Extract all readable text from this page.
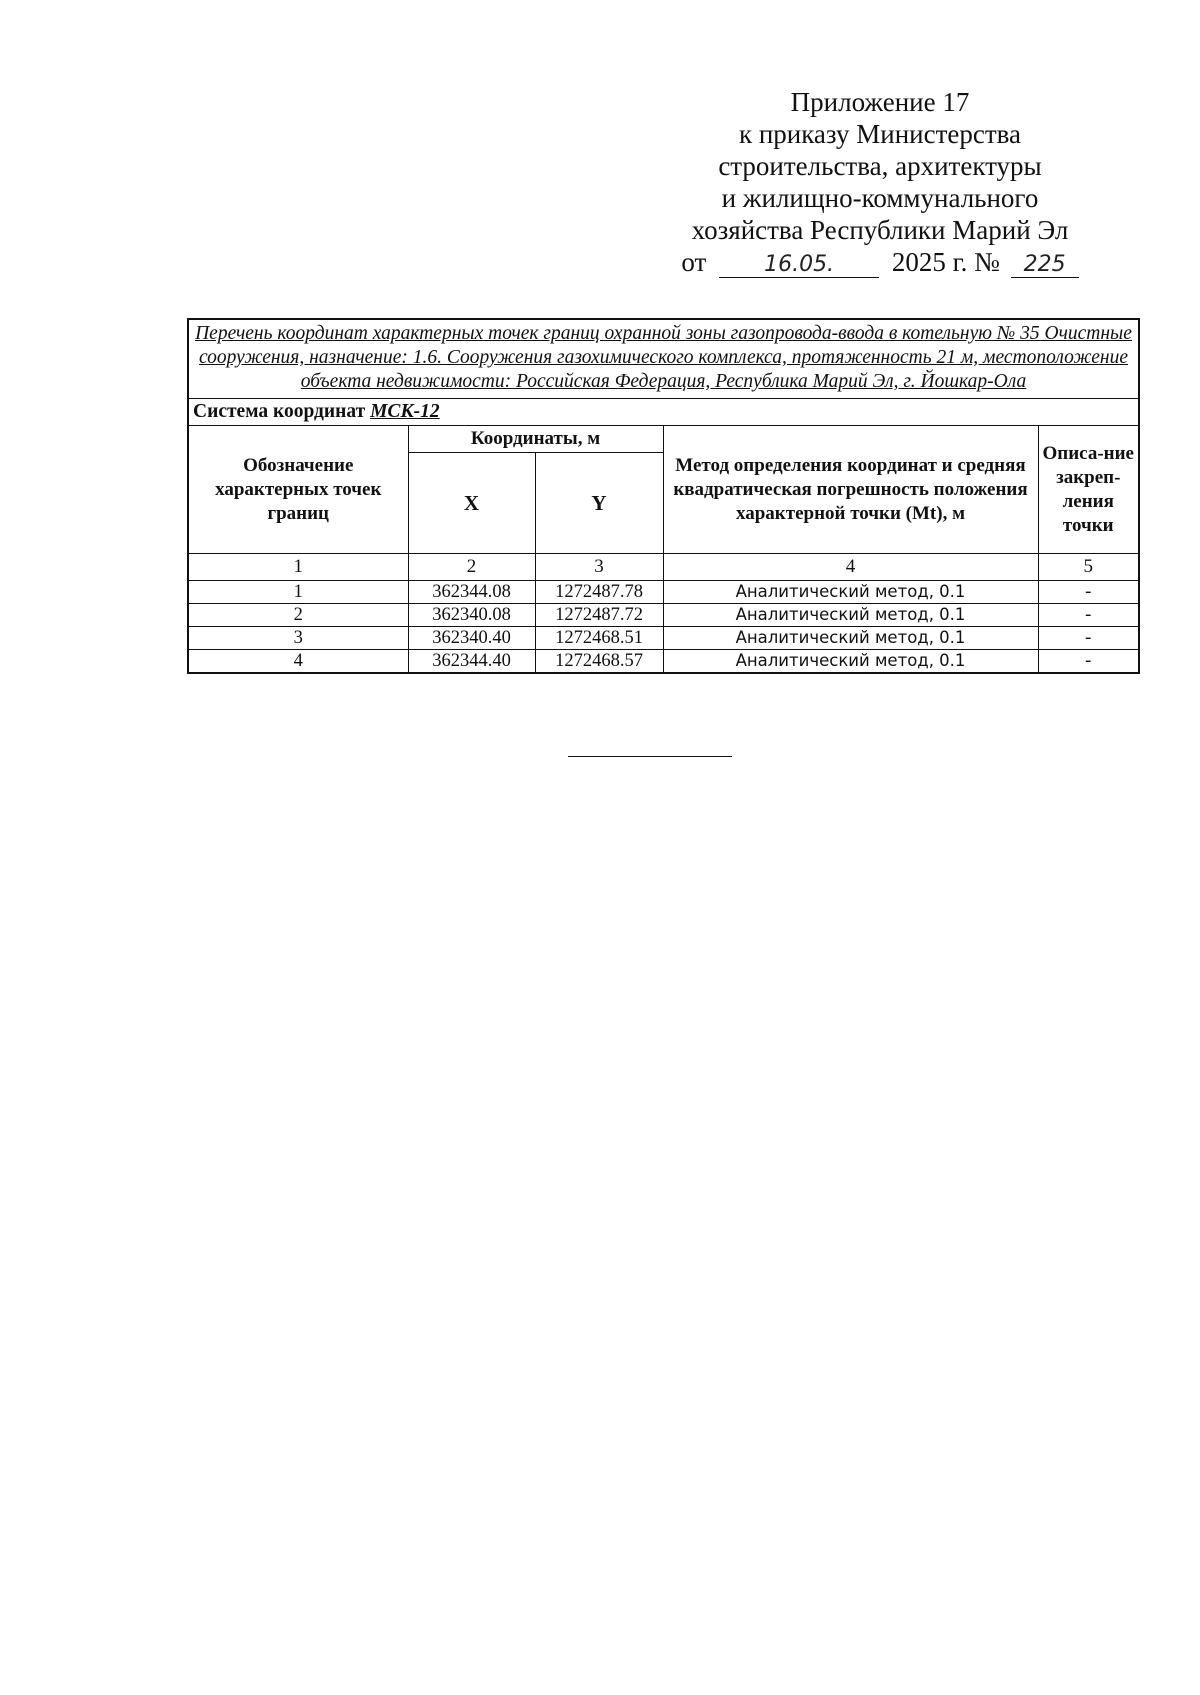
Приложение 17
к приказу Министерства
строительства, архитектуры
и жилищно-коммунального
хозяйства Республики Марий Эл
от	16.05. 2025 г. № 225
Перечень координат характерных точек границ охранной зоны газопровода-ввода в котельную № 35 Очистные сооружения, назначение: 1.6. Сооружения газохимического комплекса, протяженность 21 м, местоположение объекта недвижимости: Российская Федерация, Республика Марий Эл, г. Йошкар-Ола				
Система координат МСК-12				
Обозначение характерных точек границ	Координаты, м		Метод определения координат и средняя квадратическая погрешность положения характерной точки (Mt), м	Описа-ние закреп-ления точки
	X	Y		
1	2	3	4	5
1	362344.08	1272487.78	Аналитический метод, 0.1	-
2	362340.08	1272487.72	Аналитический метод, 0.1	-
3	362340.40	1272468.51	Аналитический метод, 0.1	-
4	362344.40	1272468.57	Аналитический метод, 0.1	-
